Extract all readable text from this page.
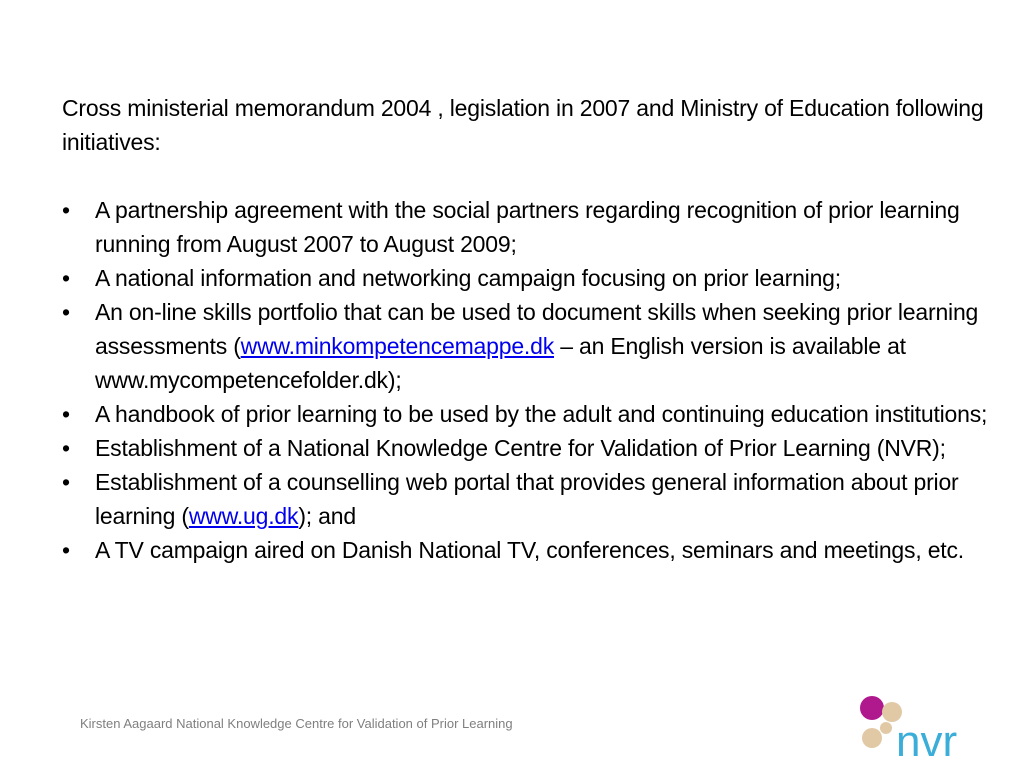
Cross ministerial memorandum 2004 , legislation in 2007 and Ministry of Education following initiatives:

• A partnership agreement with the social partners regarding recognition of prior learning running from August 2007 to August 2009;
• A national information and networking campaign focusing on prior learning;
• An on-line skills portfolio that can be used to document skills when seeking prior learning assessments (www.minkompetencemappe.dk – an English version is available at www.mycompetencefolder.dk);
• A handbook of prior learning to be used by the adult and continuing education institutions;
• Establishment of a National Knowledge Centre for Validation of Prior Learning (NVR);
• Establishment of a counselling web portal that provides general information about prior learning (www.ug.dk); and
• A TV campaign aired on Danish National TV, conferences, seminars and meetings, etc.
Kirsten Aagaard National Knowledge Centre for Validation of Prior Learning	nvr
